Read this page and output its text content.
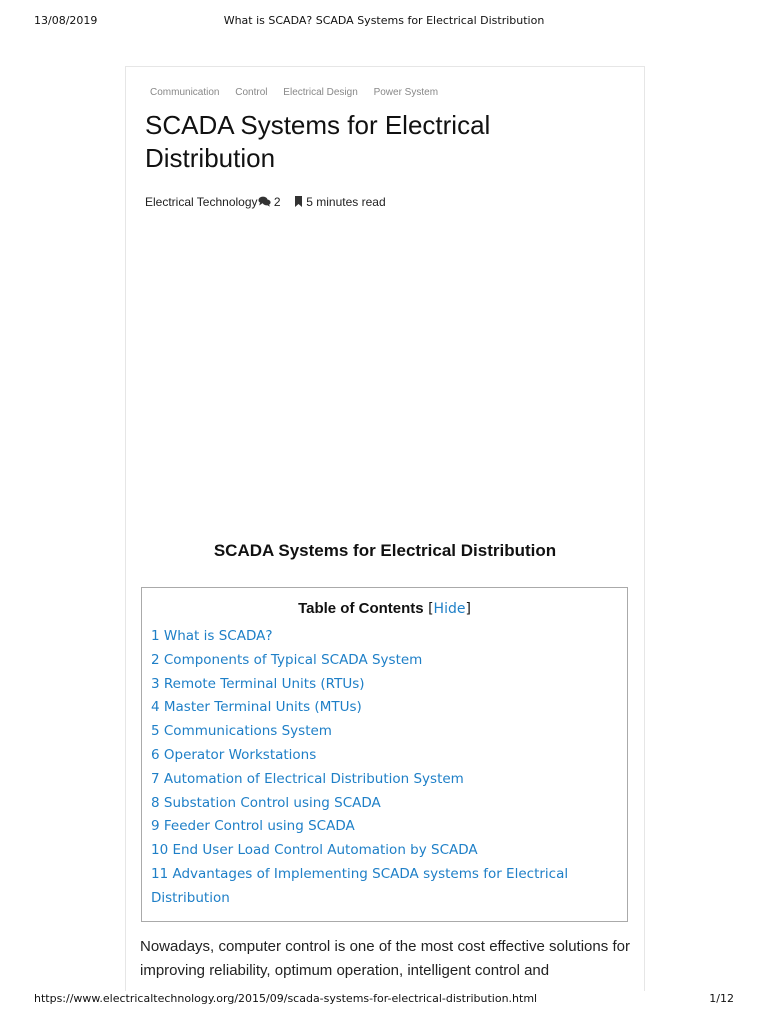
13/08/2019	What is SCADA? SCADA Systems for Electrical Distribution
Communication Control Electrical Design Power System
SCADA Systems for Electrical Distribution
Electrical Technology 2 5 minutes read
SCADA Systems for Electrical Distribution
Table of Contents [Hide]
1 What is SCADA?
2 Components of Typical SCADA System
3 Remote Terminal Units (RTUs)
4 Master Terminal Units (MTUs)
5 Communications System
6 Operator Workstations
7 Automation of Electrical Distribution System
8 Substation Control using SCADA
9 Feeder Control using SCADA
10 End User Load Control Automation by SCADA
11 Advantages of Implementing SCADA systems for Electrical Distribution

Nowadays, computer control is one of the most cost effective solutions for improving reliability, optimum operation, intelligent control and

https://www.electricaltechnology.org/2015/09/scada-systems-for-electrical-distribution.html	1/12
